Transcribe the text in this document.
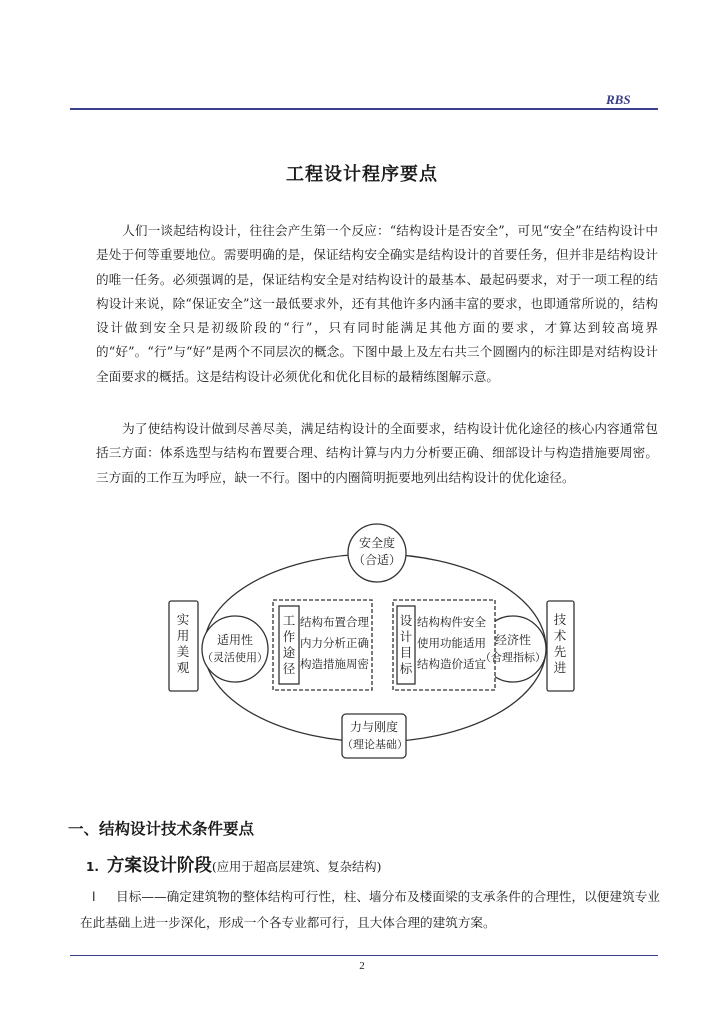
RBS
工程设计程序要点

人们一谈起结构设计，往往会产生第一个反应：“结构设计是否安全”，可见“安全”在结构设计中是处于何等重要地位。需要明确的是，保证结构安全确实是结构设计的首要任务，但并非是结构设计的唯一任务。必须强调的是，保证结构安全是对结构设计的最基本、最起码要求，对于一项工程的结构设计来说，除“保证安全”这一最低要求外，还有其他许多内涵丰富的要求，也即通常所说的，结构设计做到安全只是初级阶段的“行”，只有同时能满足其他方面的要求，才算达到较高境界的“好”。“行”与“好”是两个不同层次的概念。下图中最上及左右共三个圆圈内的标注即是对结构设计全面要求的概括。这是结构设计必须优化和优化目标的最精练图解示意。

为了使结构设计做到尽善尽美，满足结构设计的全面要求，结构设计优化途径的核心内容通常包括三方面：体系选型与结构布置要合理、结构计算与内力分析要正确、细部设计与构造措施要周密。三方面的工作互为呼应，缺一不行。图中的内圈简明扼要地列出结构设计的优化途径。

安全度
（合适）
适用性
（灵活使用）
经济性
（合理指标）
力与刚度
（理论基础）
实用美观
技术先进
工作途径
结构布置合理
内力分析正确
构造措施周密
设计目标
结构构件安全
使用功能适用
结构造价适宜
一、结构设计技术条件要点
1. 方案设计阶段(应用于超高层建筑、复杂结构)

l 目标——确定建筑物的整体结构可行性，柱、墙分布及楼面梁的支承条件的合理性，以便建筑专业在此基础上进一步深化，形成一个各专业都可行，且大体合理的建筑方案。

2
